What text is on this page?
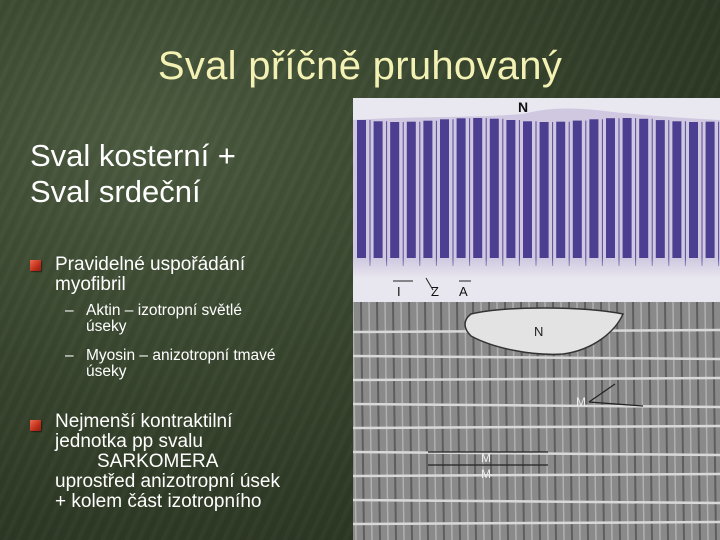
Sval příčně pruhovaný
Sval kosterní +
Sval srdeční
Pravidelné uspořádání
myofibril
– Aktin – izotropní světlé
úseky
– Myosin – anizotropní tmavé
úseky
Nejmenší kontraktilní
jednotka pp svalu
SARKOMERA
uprostřed anizotropní úsek
+ kolem část izotropního
I Z A
N
N
M
M
M
